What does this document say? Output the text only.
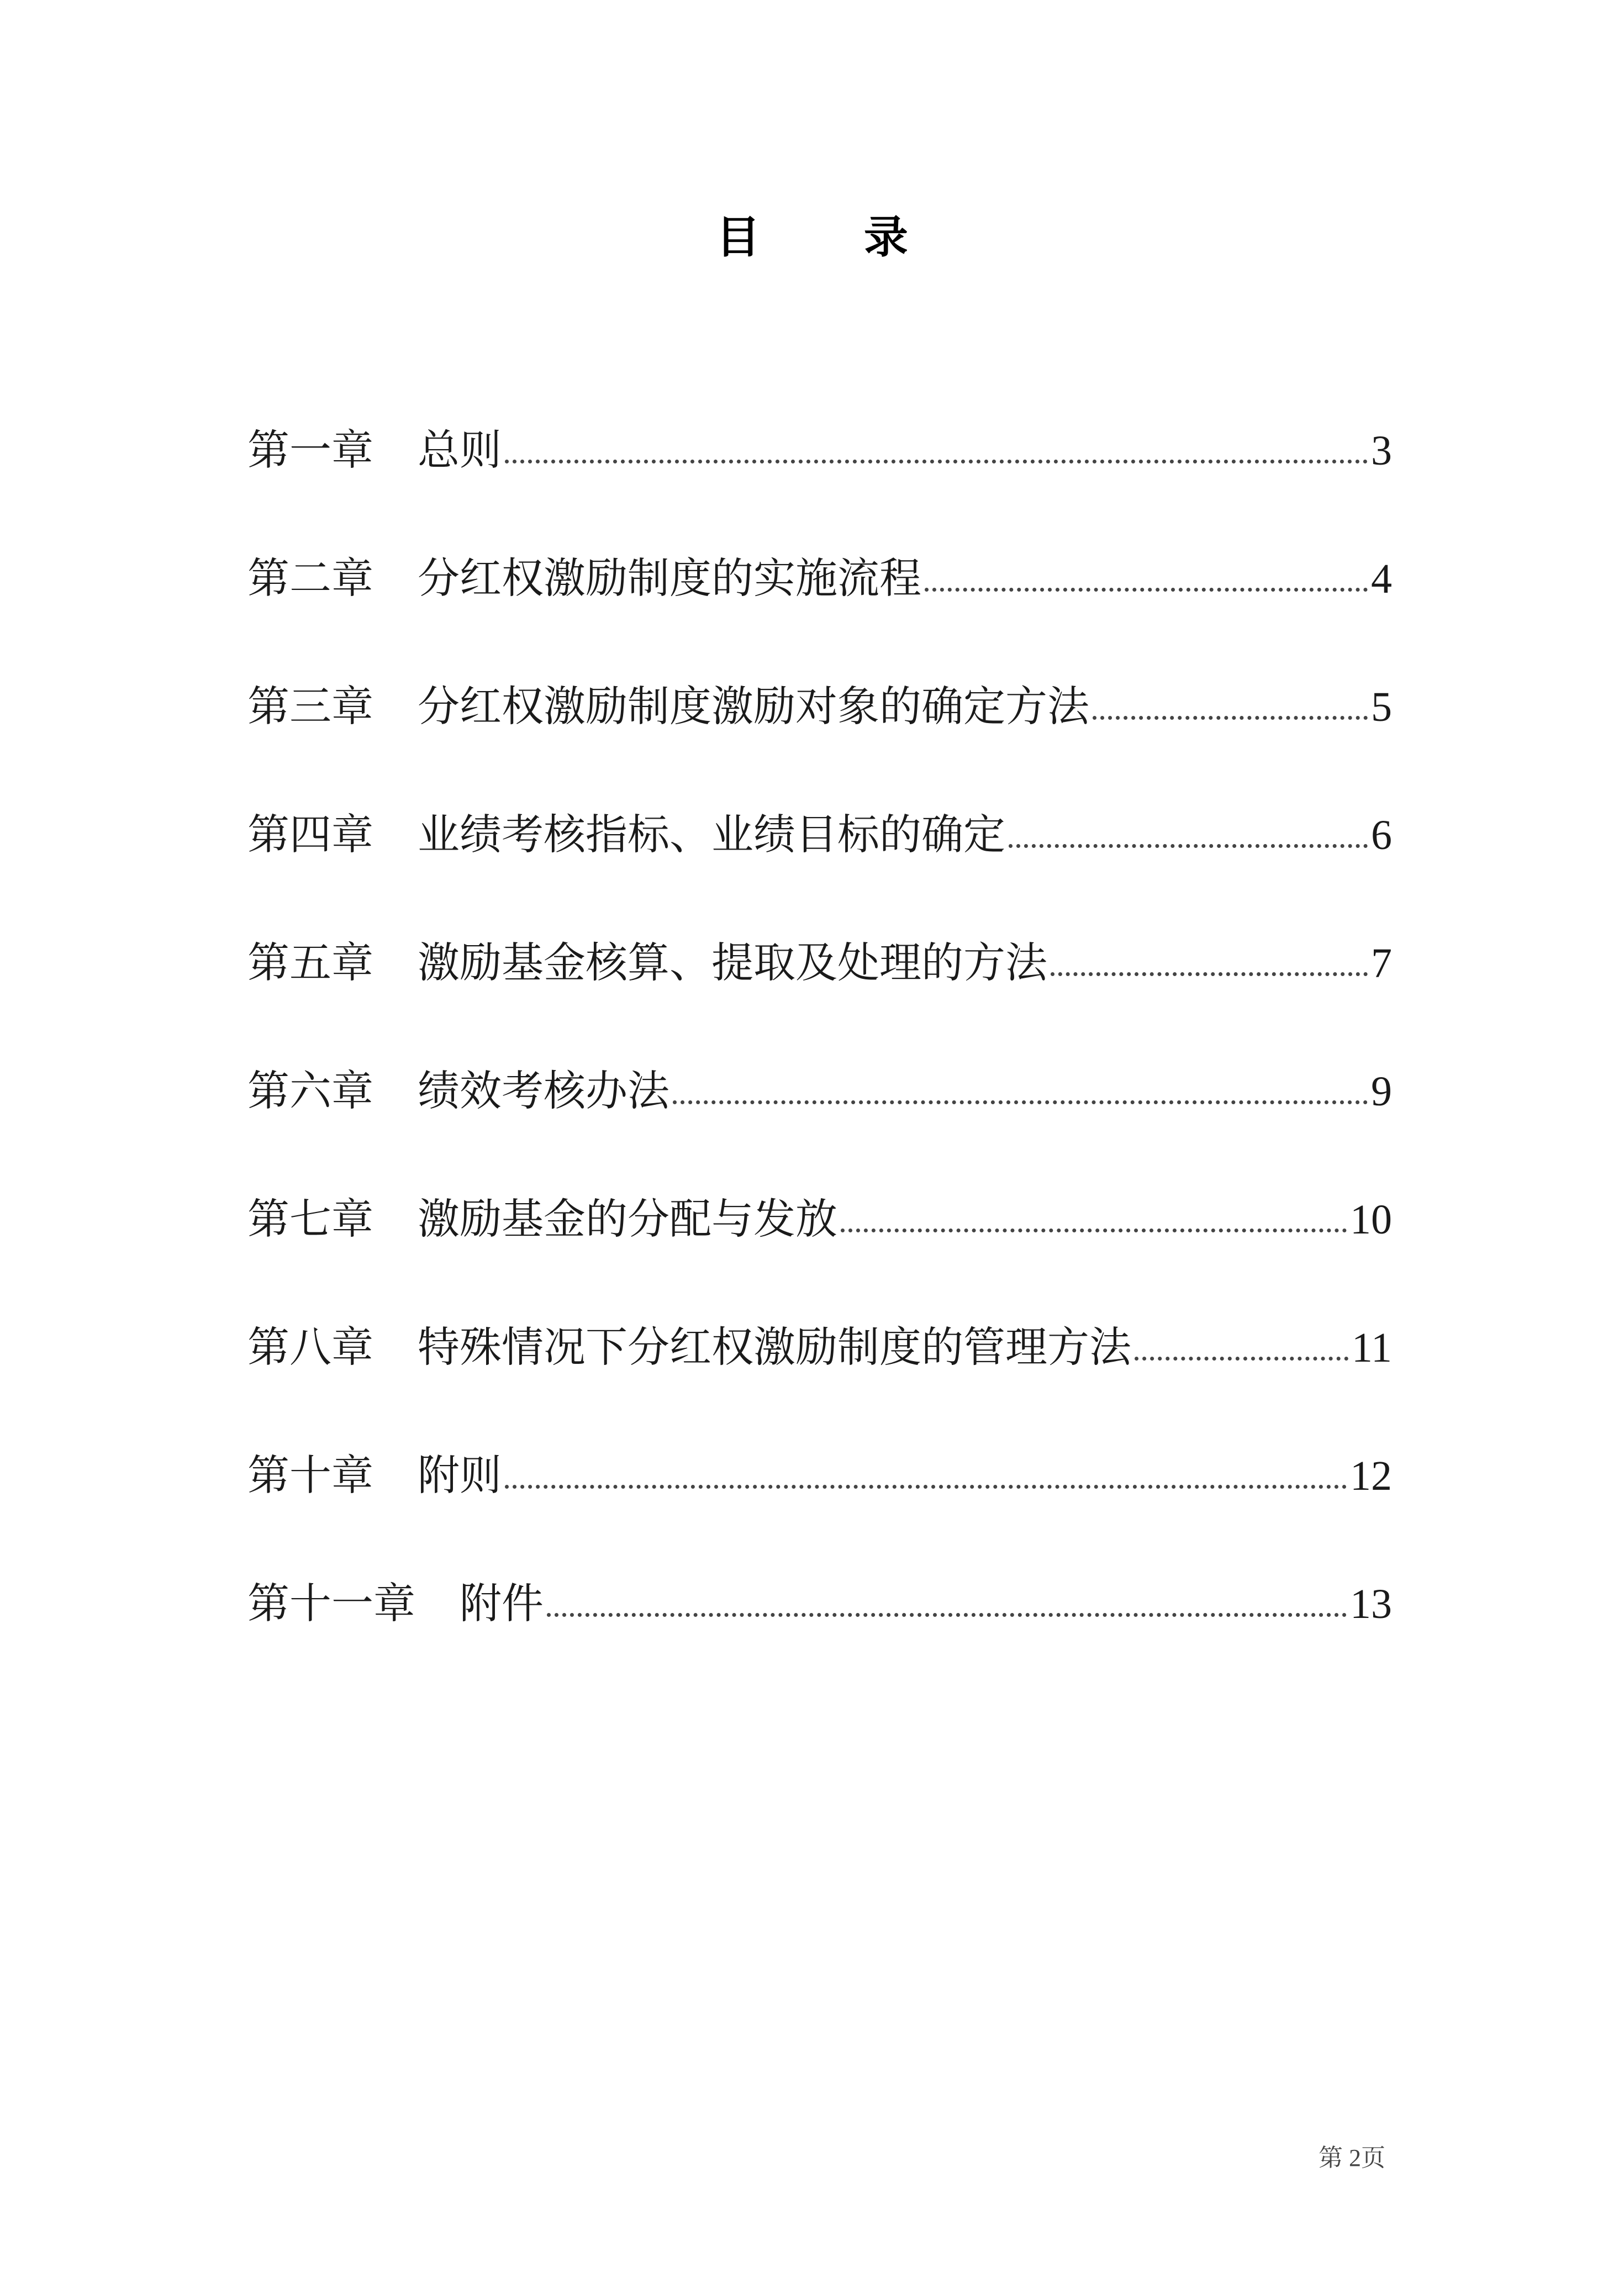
目 录
第一章 总则	3
第二章 分红权激励制度的实施流程	4
第三章 分红权激励制度激励对象的确定方法	5
第四章 业绩考核指标、业绩目标的确定	6
第五章 激励基金核算、提取及处理的方法	7
第六章 绩效考核办法	9
第七章 激励基金的分配与发放	10
第八章 特殊情况下分红权激励制度的管理方法	11
第十章 附则	12
第十一章 附件	13
第 2页
